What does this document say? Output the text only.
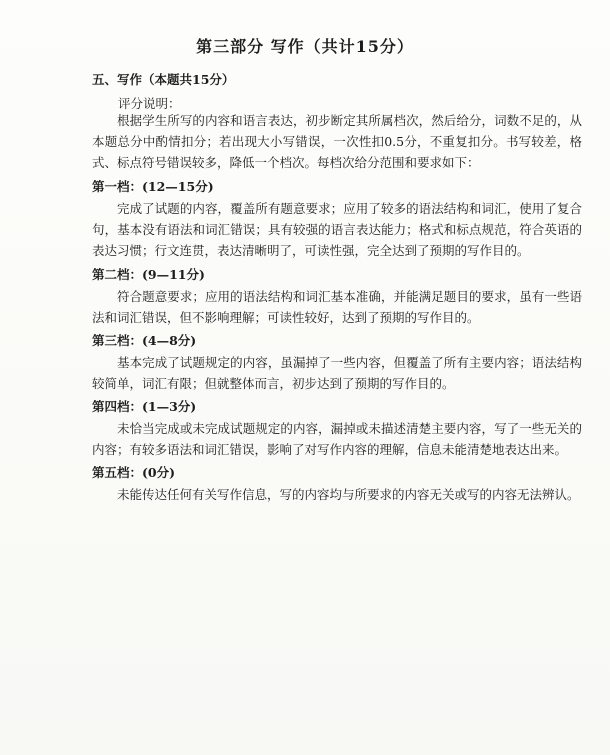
第三部分 写作（共计15分）
五、写作（本题共15分）
评分说明：

根据学生所写的内容和语言表达，初步断定其所属档次，然后给分，词数不足的，从本题总分中酌情扣分；若出现大小写错误，一次性扣0.5分，不重复扣分。书写较差，格式、标点符号错误较多，降低一个档次。每档次给分范围和要求如下：

第一档：(12—15分)

完成了试题的内容，覆盖所有题意要求；应用了较多的语法结构和词汇，使用了复合句，基本没有语法和词汇错误；具有较强的语言表达能力；格式和标点规范，符合英语的表达习惯；行文连贯，表达清晰明了，可读性强，完全达到了预期的写作目的。

第二档：(9—11分)

符合题意要求；应用的语法结构和词汇基本准确，并能满足题目的要求，虽有一些语法和词汇错误，但不影响理解；可读性较好，达到了预期的写作目的。

第三档：(4—8分)

基本完成了试题规定的内容，虽漏掉了一些内容，但覆盖了所有主要内容；语法结构较简单，词汇有限；但就整体而言，初步达到了预期的写作目的。

第四档：(1—3分)

未恰当完成或未完成试题规定的内容，漏掉或未描述清楚主要内容，写了一些无关的内容；有较多语法和词汇错误，影响了对写作内容的理解，信息未能清楚地表达出来。

第五档：(0分)

未能传达任何有关写作信息，写的内容均与所要求的内容无关或写的内容无法辨认。
